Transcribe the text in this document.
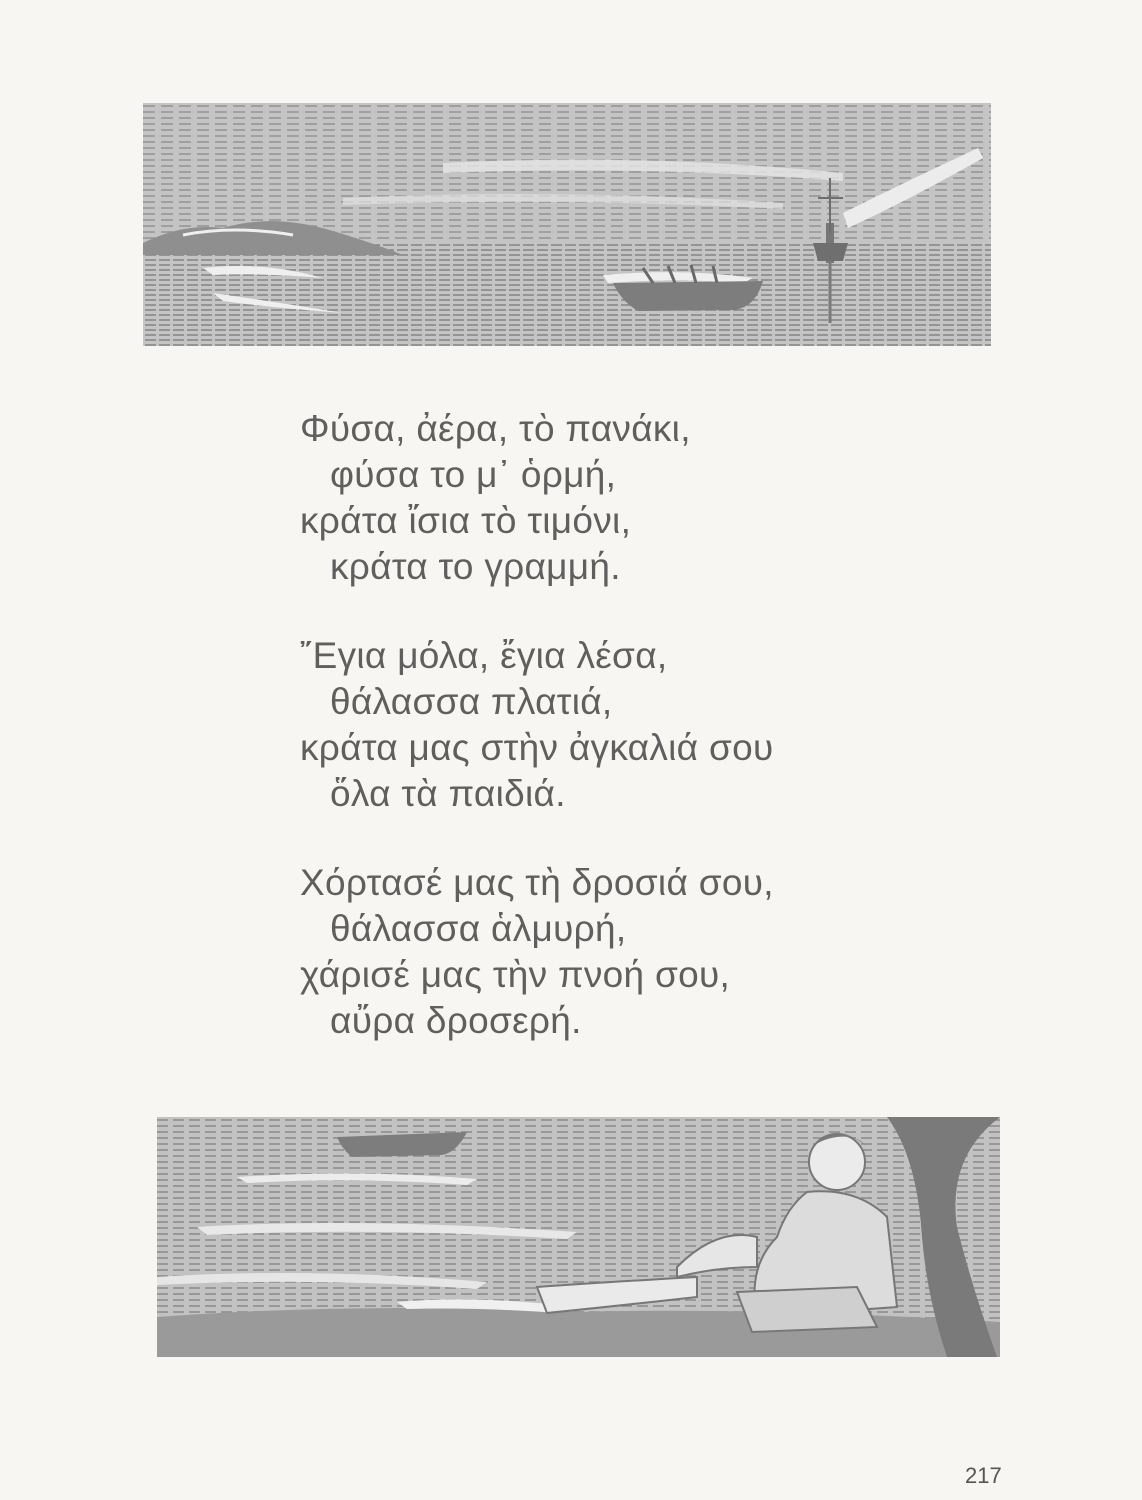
Φύσα, ἀέρα, τὸ πανάκι,
φύσα το μ᾽ ὁρμή,
κράτα ἴσια τὸ τιμόνι,
κράτα το γραμμή.
῎Εγια μόλα, ἔγια λέσα,
θάλασσα πλατιά,
κράτα μας στὴν ἀγκαλιά σου
ὅλα τὰ παιδιά.
Χόρτασέ μας τὴ δροσιά σου,
θάλασσα ἁλμυρή,
χάρισέ μας τὴν πνοή σου,
αὔρα δροσερή.
217
